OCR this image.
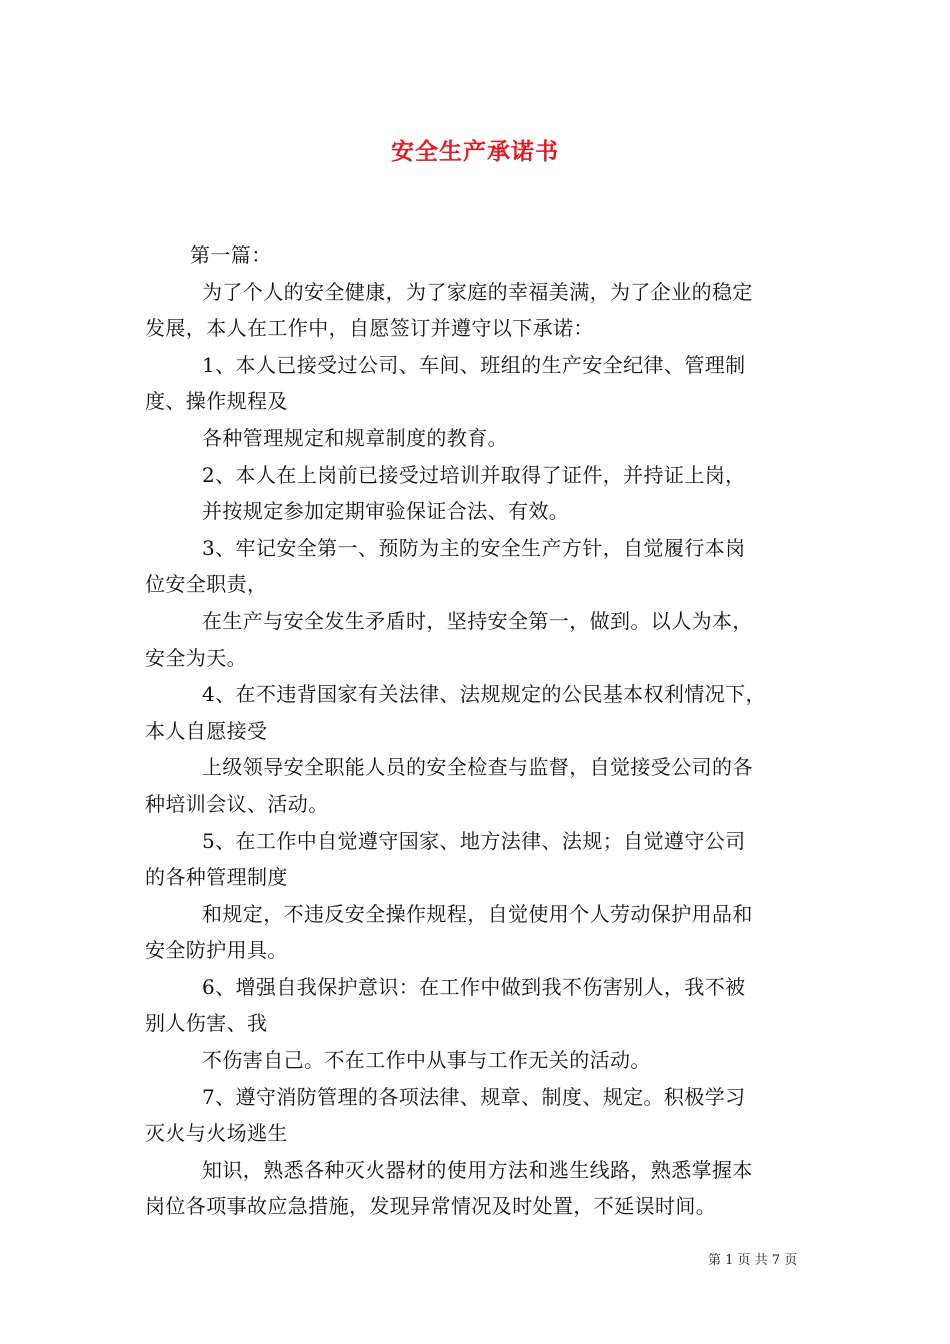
安全生产承诺书
第一篇：
为了个人的安全健康，为了家庭的幸福美满，为了企业的稳定
发展，本人在工作中，自愿签订并遵守以下承诺：
1、本人已接受过公司、车间、班组的生产安全纪律、管理制
度、操作规程及
各种管理规定和规章制度的教育。
2、本人在上岗前已接受过培训并取得了证件，并持证上岗，
并按规定参加定期审验保证合法、有效。
3、牢记安全第一、预防为主的安全生产方针，自觉履行本岗
位安全职责，
在生产与安全发生矛盾时，坚持安全第一，做到。以人为本，
安全为天。
4、在不违背国家有关法律、法规规定的公民基本权利情况下，
本人自愿接受
上级领导安全职能人员的安全检查与监督，自觉接受公司的各
种培训会议、活动。
5、在工作中自觉遵守国家、地方法律、法规；自觉遵守公司
的各种管理制度
和规定，不违反安全操作规程，自觉使用个人劳动保护用品和
安全防护用具。
6、增强自我保护意识：在工作中做到我不伤害别人，我不被
别人伤害、我
不伤害自己。不在工作中从事与工作无关的活动。
7、遵守消防管理的各项法律、规章、制度、规定。积极学习
灭火与火场逃生
知识，熟悉各种灭火器材的使用方法和逃生线路，熟悉掌握本
岗位各项事故应急措施，发现异常情况及时处置，不延误时间。
第 1 页 共 7 页
